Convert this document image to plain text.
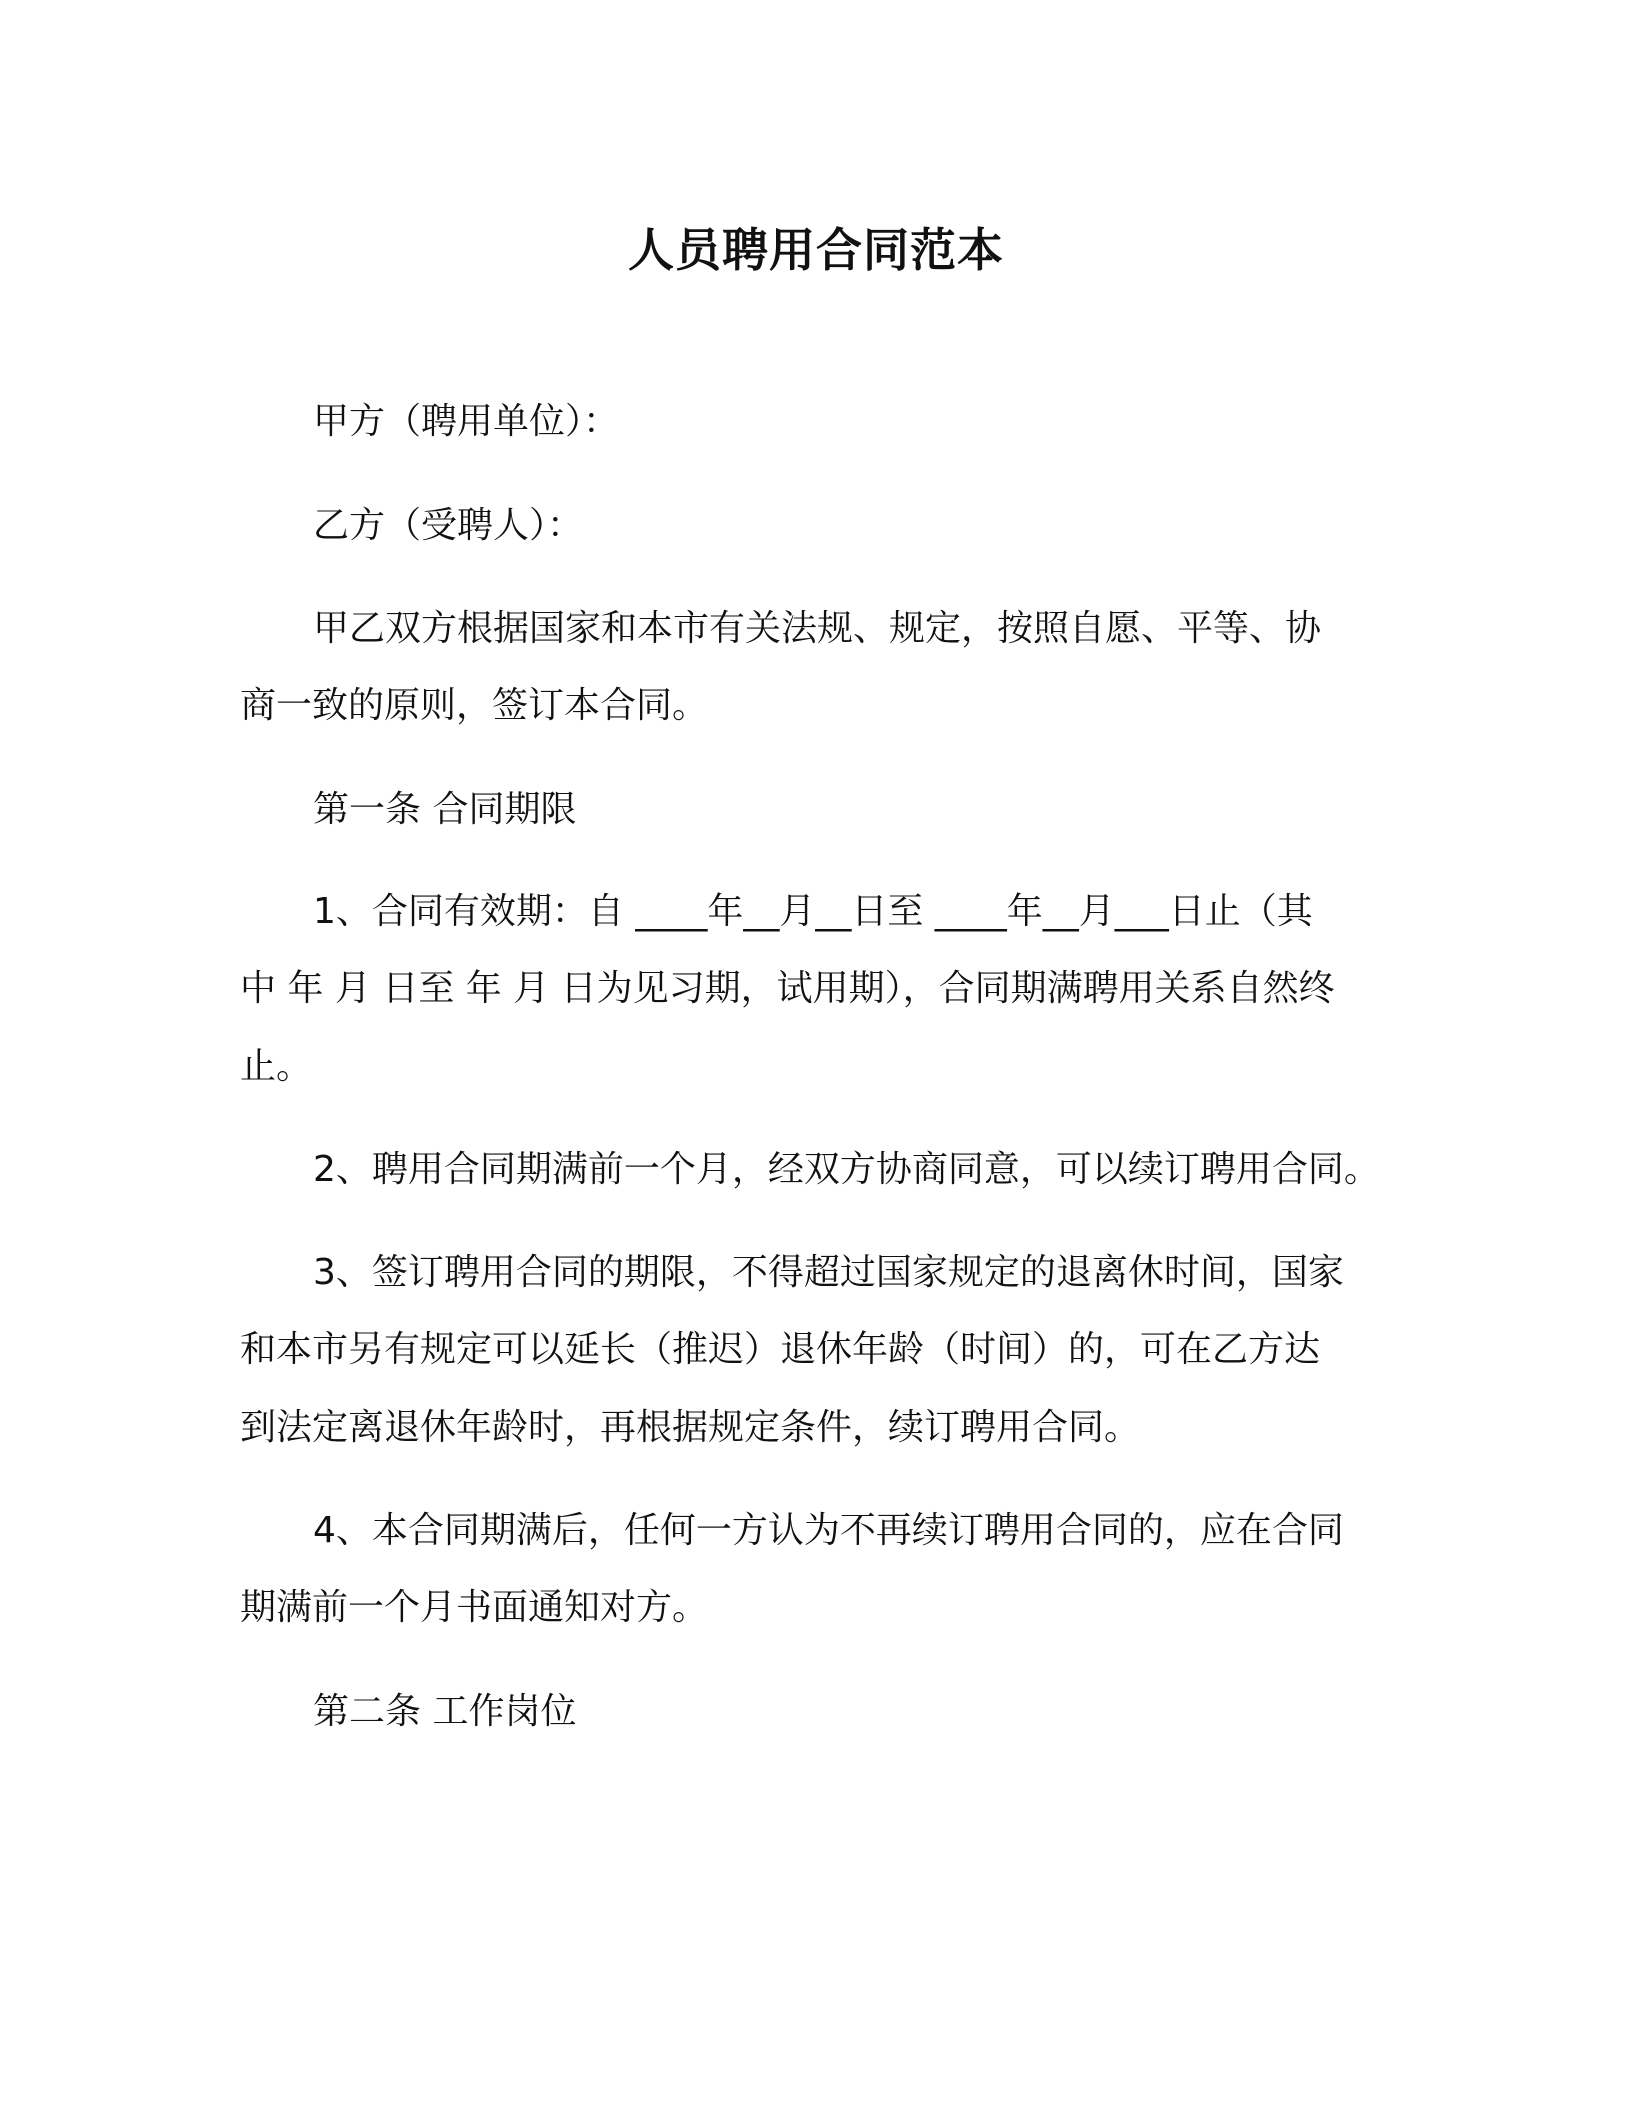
人员聘用合同范本
甲方（聘用单位）：
乙方（受聘人）：
甲乙双方根据国家和本市有关法规、规定，按照自愿、平等、协
商一致的原则，签订本合同。
第一条 合同期限
1、合同有效期：自 ____年__月__日至 ____年__月___日止（其
中 年 月 日至 年 月 日为见习期，试用期），合同期满聘用关系自然终
止。
2、聘用合同期满前一个月，经双方协商同意，可以续订聘用合同。
3、签订聘用合同的期限，不得超过国家规定的退离休时间，国家
和本市另有规定可以延长（推迟）退休年龄（时间）的，可在乙方达
到法定离退休年龄时，再根据规定条件，续订聘用合同。
4、本合同期满后，任何一方认为不再续订聘用合同的，应在合同
期满前一个月书面通知对方。
第二条 工作岗位
